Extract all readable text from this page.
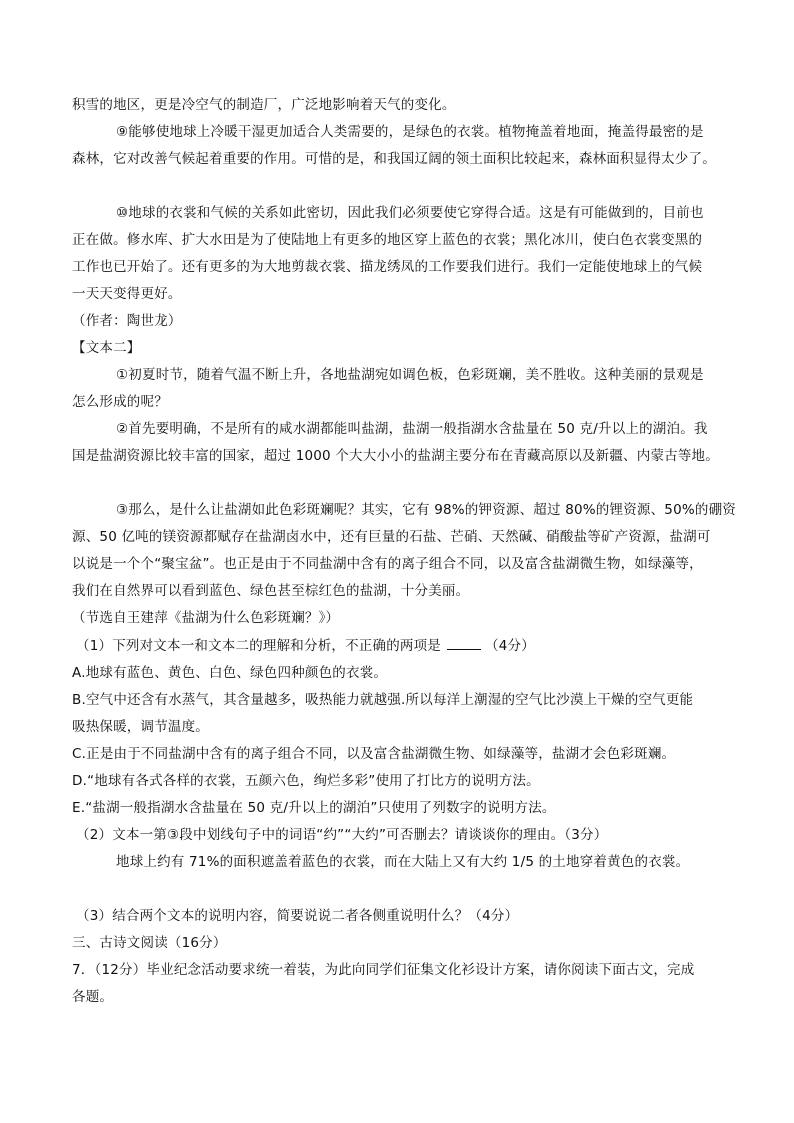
积雪的地区，更是冷空气的制造厂，广泛地影响着天气的变化。
⑨能够使地球上冷暖干湿更加适合人类需要的，是绿色的衣裳。植物掩盖着地面，掩盖得最密的是
森林，它对改善气候起着重要的作用。可惜的是，和我国辽阔的领土面积比较起来，森林面积显得太少了。
⑩地球的衣裳和气候的关系如此密切，因此我们必须要使它穿得合适。这是有可能做到的，目前也
正在做。修水库、扩大水田是为了使陆地上有更多的地区穿上蓝色的衣裳；黑化冰川，使白色衣裳变黑的
工作也已开始了。还有更多的为大地剪裁衣裳、描龙绣凤的工作要我们进行。我们一定能使地球上的气候
一天天变得更好。
（作者：陶世龙）
【文本二】
①初夏时节，随着气温不断上升，各地盐湖宛如调色板，色彩斑斓，美不胜收。这种美丽的景观是
怎么形成的呢？
②首先要明确，不是所有的咸水湖都能叫盐湖，盐湖一般指湖水含盐量在 50 克/升以上的湖泊。我
国是盐湖资源比较丰富的国家，超过 1000 个大大小小的盐湖主要分布在青藏高原以及新疆、内蒙古等地。
③那么，是什么让盐湖如此色彩斑斓呢？其实，它有 98%的钾资源、超过 80%的锂资源、50%的硼资
源、50 亿吨的镁资源都赋存在盐湖卤水中，还有巨量的石盐、芒硝、天然碱、硝酸盐等矿产资源，盐湖可
以说是一个个“聚宝盆”。也正是由于不同盐湖中含有的离子组合不同，以及富含盐湖微生物，如绿藻等，
我们在自然界可以看到蓝色、绿色甚至棕红色的盐湖，十分美丽。
（节选自王建萍《盐湖为什么色彩斑斓？》）
（1）下列对文本一和文本二的理解和分析，不正确的两项是	（4分）
A.地球有蓝色、黄色、白色、绿色四种颜色的衣裳。
B.空气中还含有水蒸气，其含量越多，吸热能力就越强.所以每洋上潮湿的空气比沙漠上干燥的空气更能
吸热保暖，调节温度。
C.正是由于不同盐湖中含有的离子组合不同，以及富含盐湖微生物、如绿藻等，盐湖才会色彩斑斓。
D.“地球有各式各样的衣裳，五颜六色，绚烂多彩”使用了打比方的说明方法。
E.“盐湖一般指湖水含盐量在 50 克/升以上的湖泊”只使用了列数字的说明方法。
（2）文本一第③段中划线句子中的词语“约”“大约”可否删去？请谈谈你的理由。（3分）
地球上约有 71%的面积遮盖着蓝色的衣裳，而在大陆上又有大约 1/5 的土地穿着黄色的衣裳。
（3）结合两个文本的说明内容，简要说说二者各侧重说明什么？（4分）
三、古诗文阅读（16分）
7．（12分）毕业纪念活动要求统一着装，为此向同学们征集文化衫设计方案，请你阅读下面古文，完成
各题。
